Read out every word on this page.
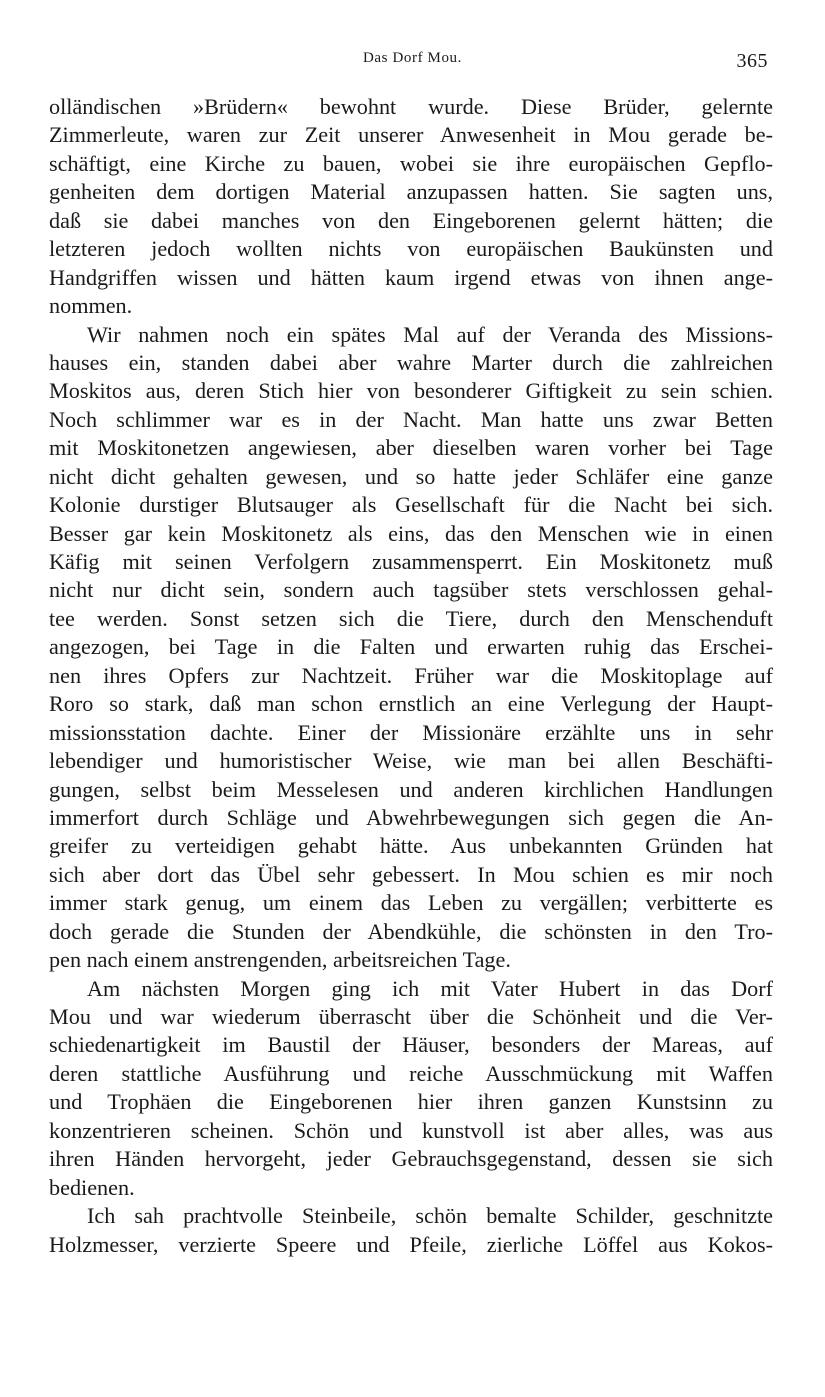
Das Dorf Mou.	365
olländischen »Brüdern« bewohnt wurde. Diese Brüder, gelernte
Zimmerleute, waren zur Zeit unserer Anwesenheit in Mou gerade be-
schäftigt, eine Kirche zu bauen, wobei sie ihre europäischen Gepflo-
genheiten dem dortigen Material anzupassen hatten. Sie sagten uns,
daß sie dabei manches von den Eingeborenen gelernt hätten; die
letzteren jedoch wollten nichts von europäischen Baukünsten und
Handgriffen wissen und hätten kaum irgend etwas von ihnen ange-
nommen.
Wir nahmen noch ein spätes Mal auf der Veranda des Missions-
hauses ein, standen dabei aber wahre Marter durch die zahlreichen
Moskitos aus, deren Stich hier von besonderer Giftigkeit zu sein schien.
Noch schlimmer war es in der Nacht. Man hatte uns zwar Betten
mit Moskitonetzen angewiesen, aber dieselben waren vorher bei Tage
nicht dicht gehalten gewesen, und so hatte jeder Schläfer eine ganze
Kolonie durstiger Blutsauger als Gesellschaft für die Nacht bei sich.
Besser gar kein Moskitonetz als eins, das den Menschen wie in einen
Käfig mit seinen Verfolgern zusammensperrt. Ein Moskitonetz muß
nicht nur dicht sein, sondern auch tagsüber stets verschlossen gehal-
tee werden. Sonst setzen sich die Tiere, durch den Menschenduft
angezogen, bei Tage in die Falten und erwarten ruhig das Erschei-
nen ihres Opfers zur Nachtzeit. Früher war die Moskitoplage auf
Roro so stark, daß man schon ernstlich an eine Verlegung der Haupt-
missionsstation dachte. Einer der Missionäre erzählte uns in sehr
lebendiger und humoristischer Weise, wie man bei allen Beschäfti-
gungen, selbst beim Messelesen und anderen kirchlichen Handlungen
immerfort durch Schläge und Abwehrbewegungen sich gegen die An-
greifer zu verteidigen gehabt hätte. Aus unbekannten Gründen hat
sich aber dort das Übel sehr gebessert. In Mou schien es mir noch
immer stark genug, um einem das Leben zu vergällen; verbitterte es
doch gerade die Stunden der Abendkühle, die schönsten in den Tro-
pen nach einem anstrengenden, arbeitsreichen Tage.
Am nächsten Morgen ging ich mit Vater Hubert in das Dorf
Mou und war wiederum überrascht über die Schönheit und die Ver-
schiedenartigkeit im Baustil der Häuser, besonders der Mareas, auf
deren stattliche Ausführung und reiche Ausschmückung mit Waffen
und Trophäen die Eingeborenen hier ihren ganzen Kunstsinn zu
konzentrieren scheinen. Schön und kunstvoll ist aber alles, was aus
ihren Händen hervorgeht, jeder Gebrauchsgegenstand, dessen sie sich
bedienen.
Ich sah prachtvolle Steinbeile, schön bemalte Schilder, geschnitzte
Holzmesser, verzierte Speere und Pfeile, zierliche Löffel aus Kokos-
